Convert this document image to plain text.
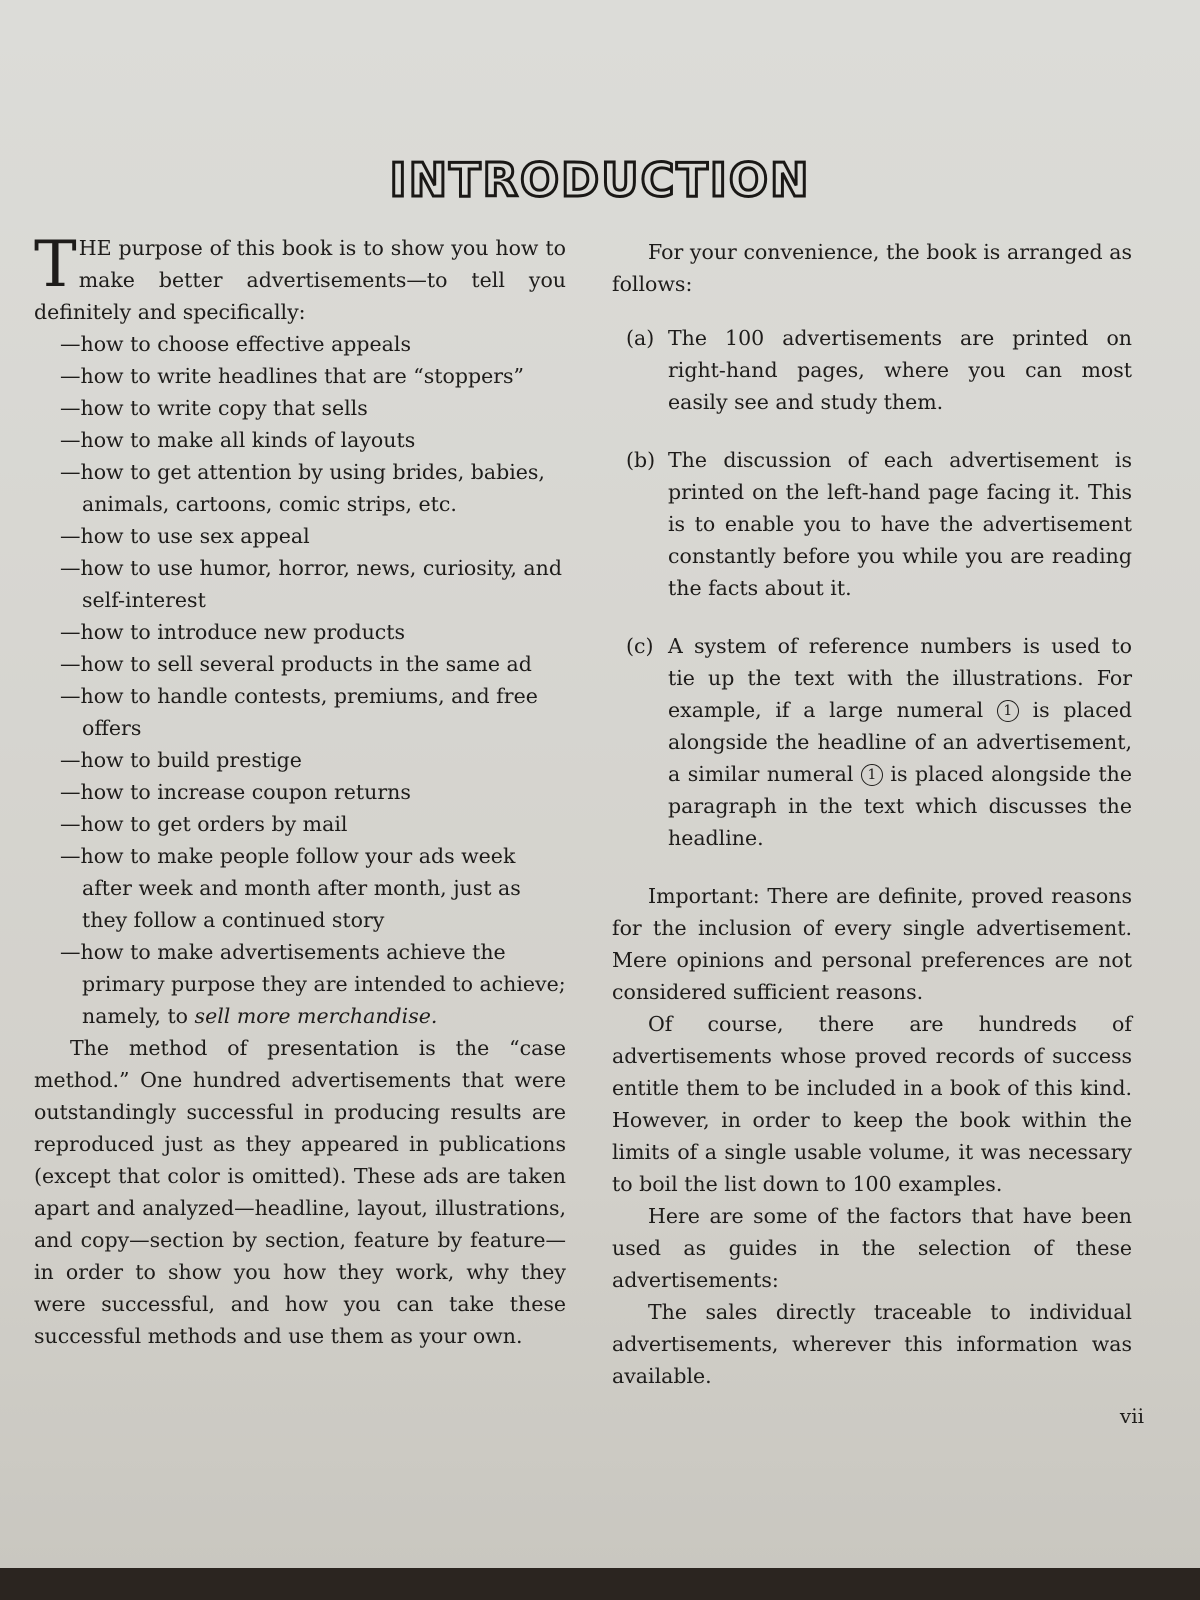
INTRODUCTION

THE purpose of this book is to show you how to make better advertisements—to tell you definitely and specifically:

—how to choose effective appeals
—how to write headlines that are “stoppers”
—how to write copy that sells
—how to make all kinds of layouts
—how to get attention by using brides, babies, animals, cartoons, comic strips, etc.
—how to use sex appeal
—how to use humor, horror, news, curiosity, and self-interest
—how to introduce new products
—how to sell several products in the same ad
—how to handle contests, premiums, and free offers
—how to build prestige
—how to increase coupon returns
—how to get orders by mail
—how to make people follow your ads week after week and month after month, just as they follow a continued story
—how to make advertisements achieve the primary purpose they are intended to achieve; namely, to sell more merchandise.

The method of presentation is the “case method.” One hundred advertisements that were outstandingly successful in producing results are reproduced just as they appeared in publications (except that color is omitted). These ads are taken apart and analyzed—headline, layout, illustrations, and copy—section by section, feature by feature—in order to show you how they work, why they were successful, and how you can take these successful methods and use them as your own.

For your convenience, the book is arranged as follows:

(a) The 100 advertisements are printed on right-hand pages, where you can most easily see and study them.
(b) The discussion of each advertisement is printed on the left-hand page facing it. This is to enable you to have the advertisement constantly before you while you are reading the facts about it.
(c) A system of reference numbers is used to tie up the text with the illustrations. For example, if a large numeral 1 is placed alongside the headline of an advertisement, a similar numeral 1 is placed alongside the paragraph in the text which discusses the headline.

Important: There are definite, proved reasons for the inclusion of every single advertisement. Mere opinions and personal preferences are not considered sufficient reasons.

Of course, there are hundreds of advertisements whose proved records of success entitle them to be included in a book of this kind. However, in order to keep the book within the limits of a single usable volume, it was necessary to boil the list down to 100 examples.

Here are some of the factors that have been used as guides in the selection of these advertisements:

The sales directly traceable to individual advertisements, wherever this information was available.

vii
